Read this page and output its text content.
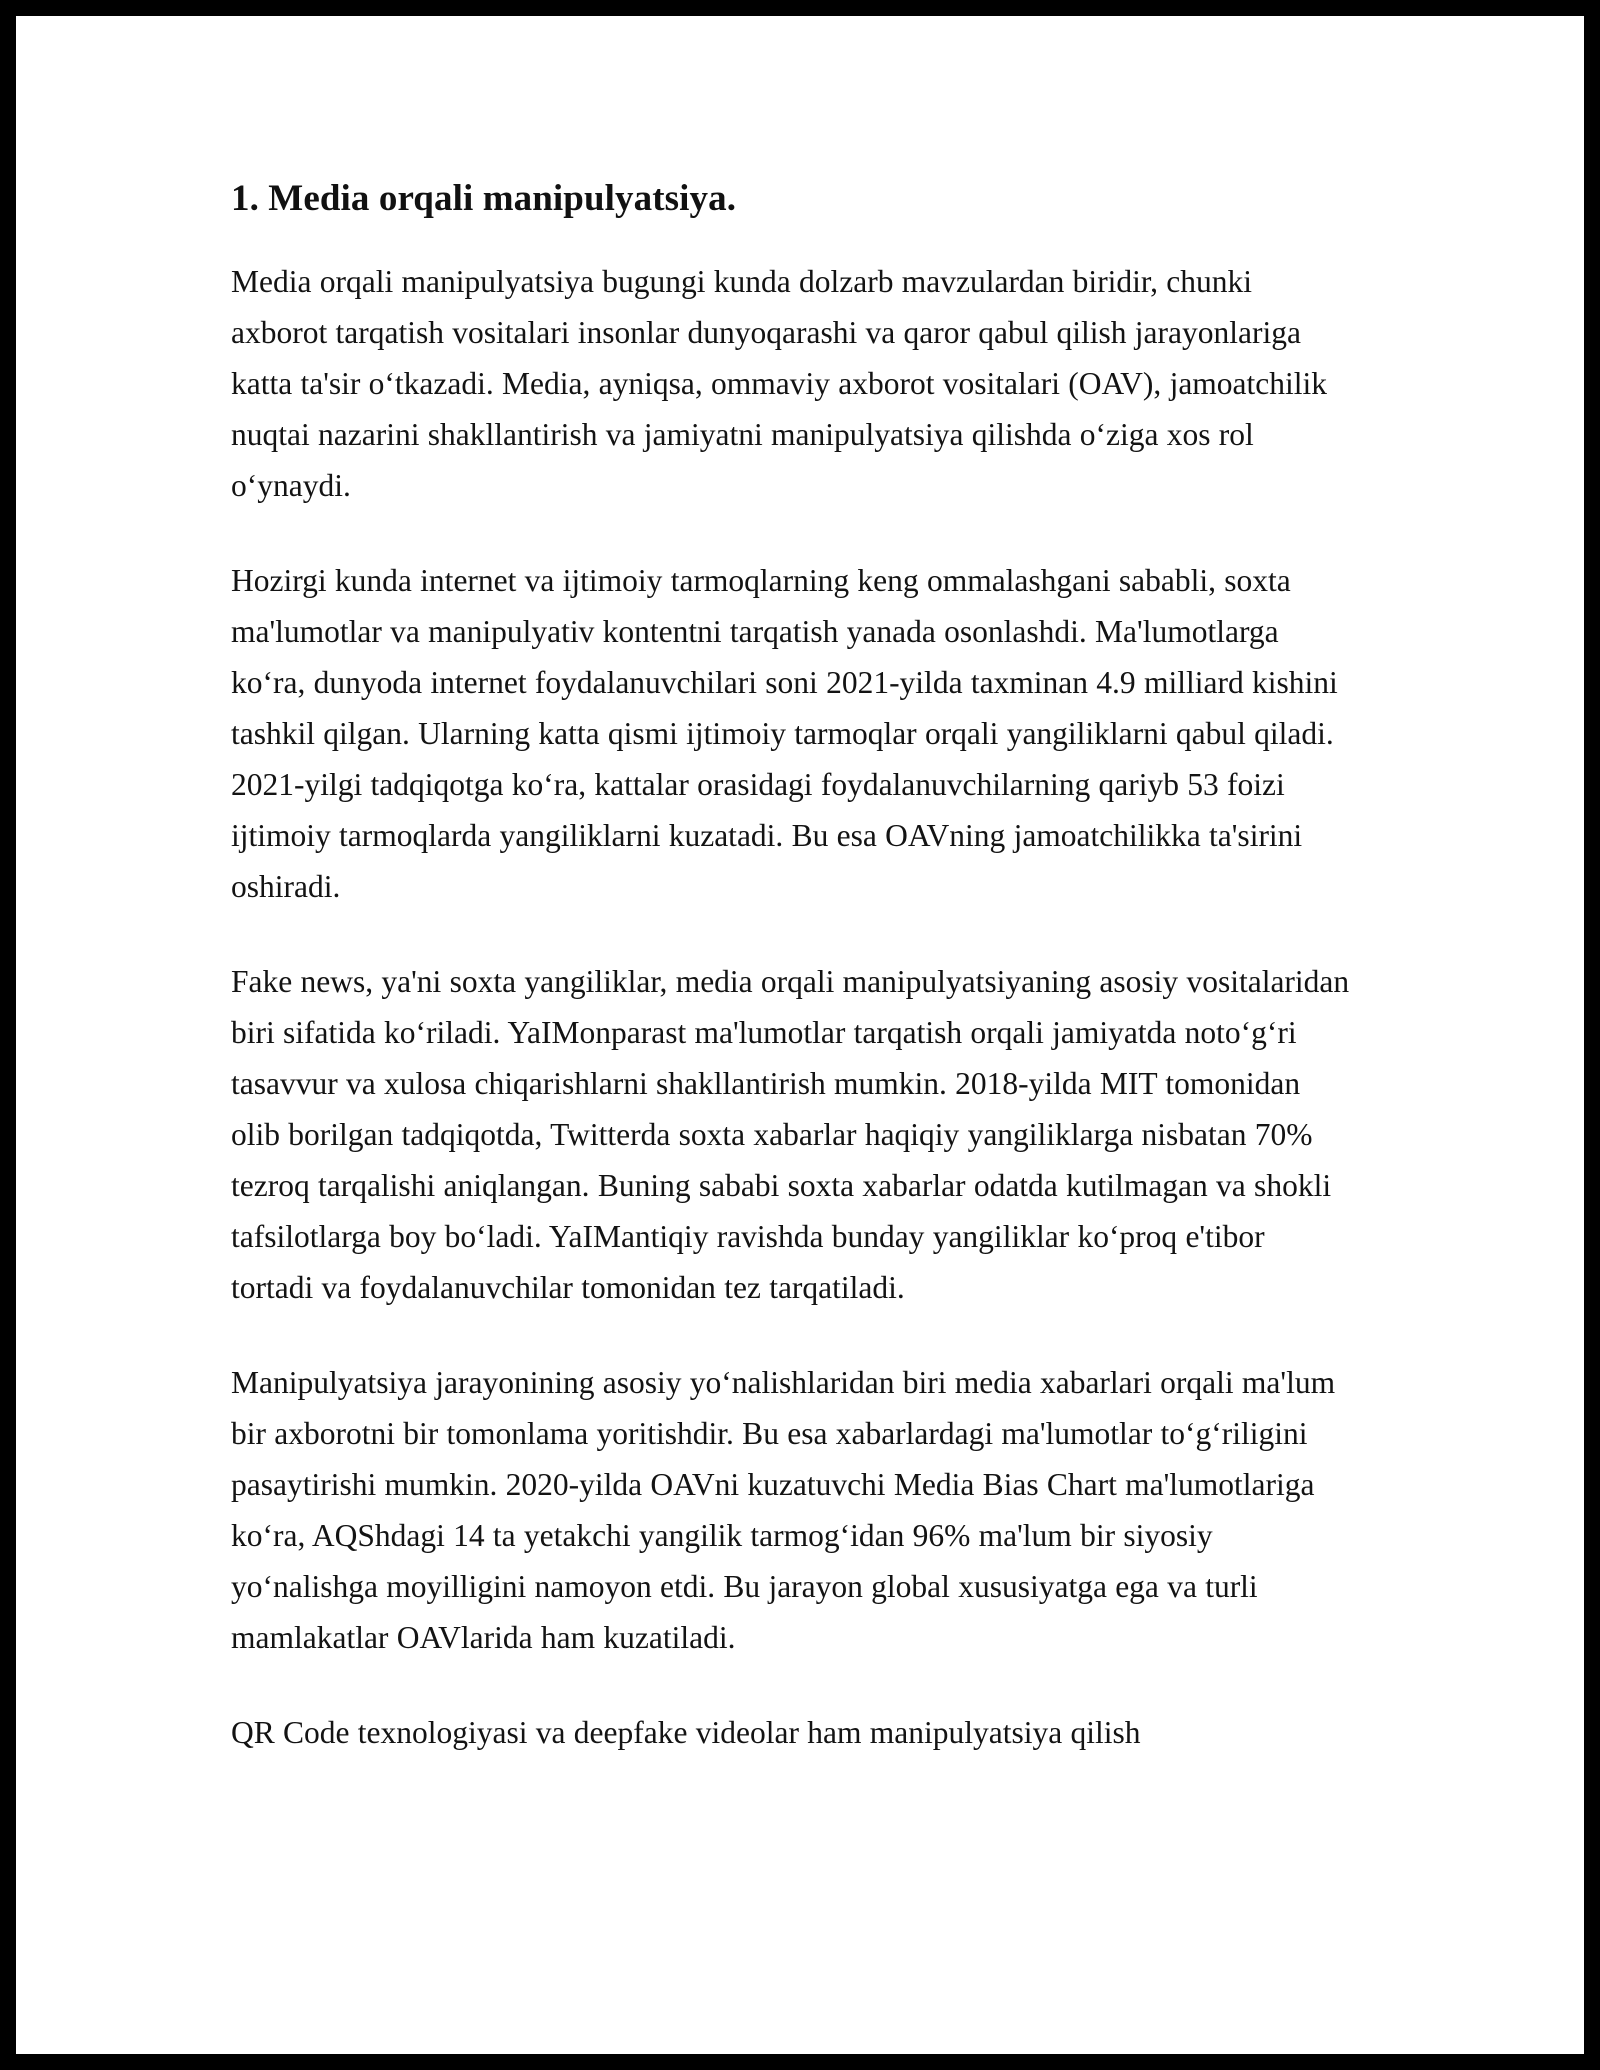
1. Media orqali manipulyatsiya.

Media orqali manipulyatsiya bugungi kunda dolzarb mavzulardan biridir, chunki axborot tarqatish vositalari insonlar dunyoqarashi va qaror qabul qilish jarayonlariga katta ta'sir o‘tkazadi. Media, ayniqsa, ommaviy axborot vositalari (OAV), jamoatchilik nuqtai nazarini shakllantirish va jamiyatni manipulyatsiya qilishda o‘ziga xos rol o‘ynaydi.

Hozirgi kunda internet va ijtimoiy tarmoqlarning keng ommalashgani sababli, soxta ma'lumotlar va manipulyativ kontentni tarqatish yanada osonlashdi. Ma'lumotlarga ko‘ra, dunyoda internet foydalanuvchilari soni 2021-yilda taxminan 4.9 milliard kishini tashkil qilgan. Ularning katta qismi ijtimoiy tarmoqlar orqali yangiliklarni qabul qiladi. 2021-yilgi tadqiqotga ko‘ra, kattalar orasidagi foydalanuvchilarning qariyb 53 foizi ijtimoiy tarmoqlarda yangiliklarni kuzatadi. Bu esa OAVning jamoatchilikka ta'sirini oshiradi.

Fake news, ya'ni soxta yangiliklar, media orqali manipulyatsiyaning asosiy vositalaridan biri sifatida ko‘riladi. YaIMonparast ma'lumotlar tarqatish orqali jamiyatda noto‘g‘ri tasavvur va xulosa chiqarishlarni shakllantirish mumkin. 2018-yilda MIT tomonidan olib borilgan tadqiqotda, Twitterda soxta xabarlar haqiqiy yangiliklarga nisbatan 70% tezroq tarqalishi aniqlangan. Buning sababi soxta xabarlar odatda kutilmagan va shokli tafsilotlarga boy bo‘ladi. YaIMantiqiy ravishda bunday yangiliklar ko‘proq e'tibor tortadi va foydalanuvchilar tomonidan tez tarqatiladi.

Manipulyatsiya jarayonining asosiy yo‘nalishlaridan biri media xabarlari orqali ma'lum bir axborotni bir tomonlama yoritishdir. Bu esa xabarlardagi ma'lumotlar to‘g‘riligini pasaytirishi mumkin. 2020-yilda OAVni kuzatuvchi Media Bias Chart ma'lumotlariga ko‘ra, AQShdagi 14 ta yetakchi yangilik tarmog‘idan 96% ma'lum bir siyosiy yo‘nalishga moyilligini namoyon etdi. Bu jarayon global xususiyatga ega va turli mamlakatlar OAVlarida ham kuzatiladi.

QR Code texnologiyasi va deepfake videolar ham manipulyatsiya qilish
